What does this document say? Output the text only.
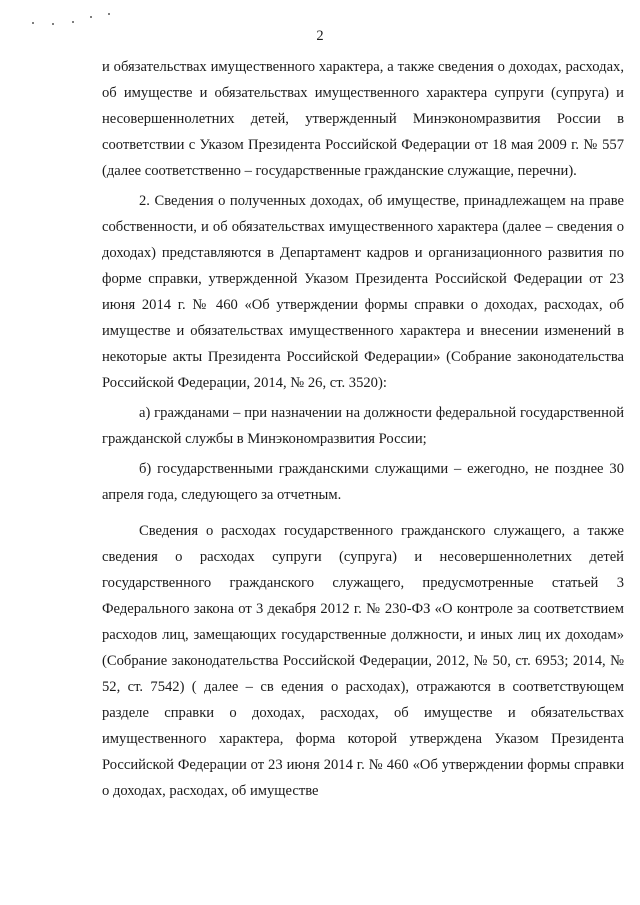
2

и обязательствах имущественного характера, а также сведения о доходах, расходах, об имуществе и обязательствах имущественного характера супруги (супруга) и несовершеннолетних детей, утвержденный Минэкономразвития России в соответствии с Указом Президента Российской Федерации от 18 мая 2009 г. № 557 (далее соответственно – государственные гражданские служащие, перечни).

2. Сведения о полученных доходах, об имуществе, принадлежащем на праве собственности, и об обязательствах имущественного характера (далее – сведения о доходах) представляются в Департамент кадров и организационного развития по форме справки, утвержденной Указом Президента Российской Федерации от 23 июня 2014 г. № 460 «Об утверждении формы справки о доходах, расходах, об имуществе и обязательствах имущественного характера и внесении изменений в некоторые акты Президента Российской Федерации» (Собрание законодательства Российской Федерации, 2014, № 26, ст. 3520):

а) гражданами – при назначении на должности федеральной государственной гражданской службы в Минэкономразвития России;

б) государственными гражданскими служащими – ежегодно, не позднее 30 апреля года, следующего за отчетным.

Сведения о расходах государственного гражданского служащего, а также сведения о расходах супруги (супруга) и несовершеннолетних детей государственного гражданского служащего, предусмотренные статьей 3 Федерального закона от 3 декабря 2012 г. № 230-ФЗ «О контроле за соответствием расходов лиц, замещающих государственные должности, и иных лиц их доходам» (Собрание законодательства Российской Федерации, 2012, № 50, ст. 6953; 2014, № 52, ст. 7542) ( далее – св едения о расходах), отражаются в соответствующем разделе справки о доходах, расходах, об имуществе и обязательствах имущественного характера, форма которой утверждена Указом Президента Российской Федерации от 23 июня 2014 г. № 460 «Об утверждении формы справки о доходах, расходах, об имуществе
